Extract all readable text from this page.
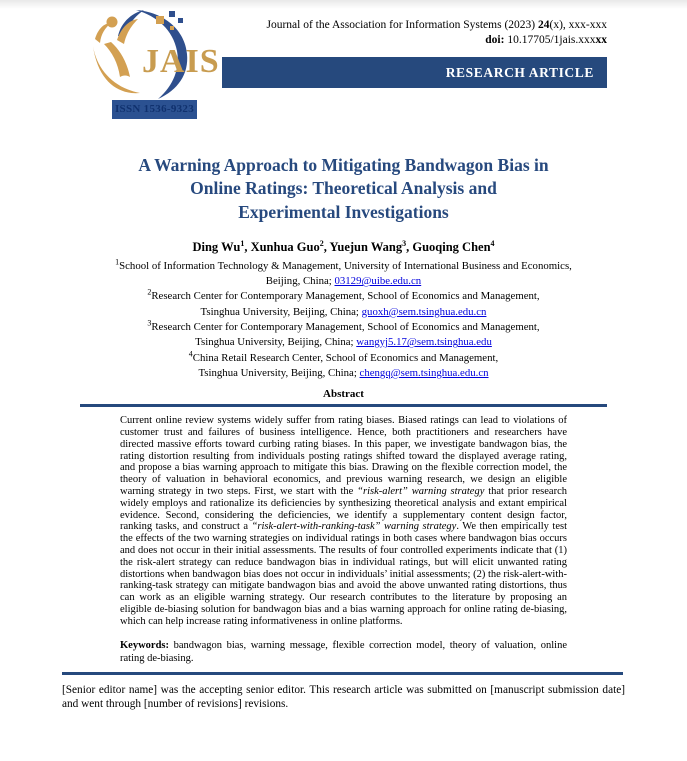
JAIS
ISSN 1536-9323
Journal of the Association for Information Systems (2023) 24(x), xxx-xxx
doi: 10.17705/1jais.xxxxx
RESEARCH ARTICLE
A Warning Approach to Mitigating Bandwagon Bias in
Online Ratings: Theoretical Analysis and
Experimental Investigations
Ding Wu$^1$, Xunhua Guo$^2$, Yuejun Wang$^3$, Guoqing Chen$^4$
$^1$School of Information Technology & Management, University of International Business and Economics,
Beijing, China; 03129@uibe.edu.cn
$^2$Research Center for Contemporary Management, School of Economics and Management,
Tsinghua University, Beijing, China; guoxh@sem.tsinghua.edu.cn
$^3$Research Center for Contemporary Management, School of Economics and Management,
Tsinghua University, Beijing, China; wangyj5.17@sem.tsinghua.edu
$^4$China Retail Research Center, School of Economics and Management,
Tsinghua University, Beijing, China; chengq@sem.tsinghua.edu.cn
Abstract
Current online review systems widely suffer from rating biases. Biased ratings can lead to violations of customer trust and failures of business intelligence. Hence, both practitioners and researchers have directed massive efforts toward curbing rating biases. In this paper, we investigate bandwagon bias, the rating distortion resulting from individuals posting ratings shifted toward the displayed average rating, and propose a bias warning approach to mitigate this bias. Drawing on the flexible correction model, the theory of valuation in behavioral economics, and previous warning research, we design an eligible warning strategy in two steps. First, we start with the “risk-alert” warning strategy that prior research widely employs and rationalize its deficiencies by synthesizing theoretical analysis and extant empirical evidence. Second, considering the deficiencies, we identify a supplementary content design factor, ranking tasks, and construct a “risk-alert-with-ranking-task” warning strategy. We then empirically test the effects of the two warning strategies on individual ratings in both cases where bandwagon bias occurs and does not occur in their initial assessments. The results of four controlled experiments indicate that (1) the risk-alert strategy can reduce bandwagon bias in individual ratings, but will elicit unwanted rating distortions when bandwagon bias does not occur in individuals’ initial assessments; (2) the risk-alert-with-ranking-task strategy can mitigate bandwagon bias and avoid the above unwanted rating distortions, thus can work as an eligible warning strategy. Our research contributes to the literature by proposing an eligible de-biasing solution for bandwagon bias and a bias warning approach for online rating de-biasing, which can help increase rating informativeness in online platforms.
Keywords: bandwagon bias, warning message, flexible correction model, theory of valuation, online rating de-biasing.

[Senior editor name] was the accepting senior editor. This research article was submitted on [manuscript submission date] and went through [number of revisions] revisions.
